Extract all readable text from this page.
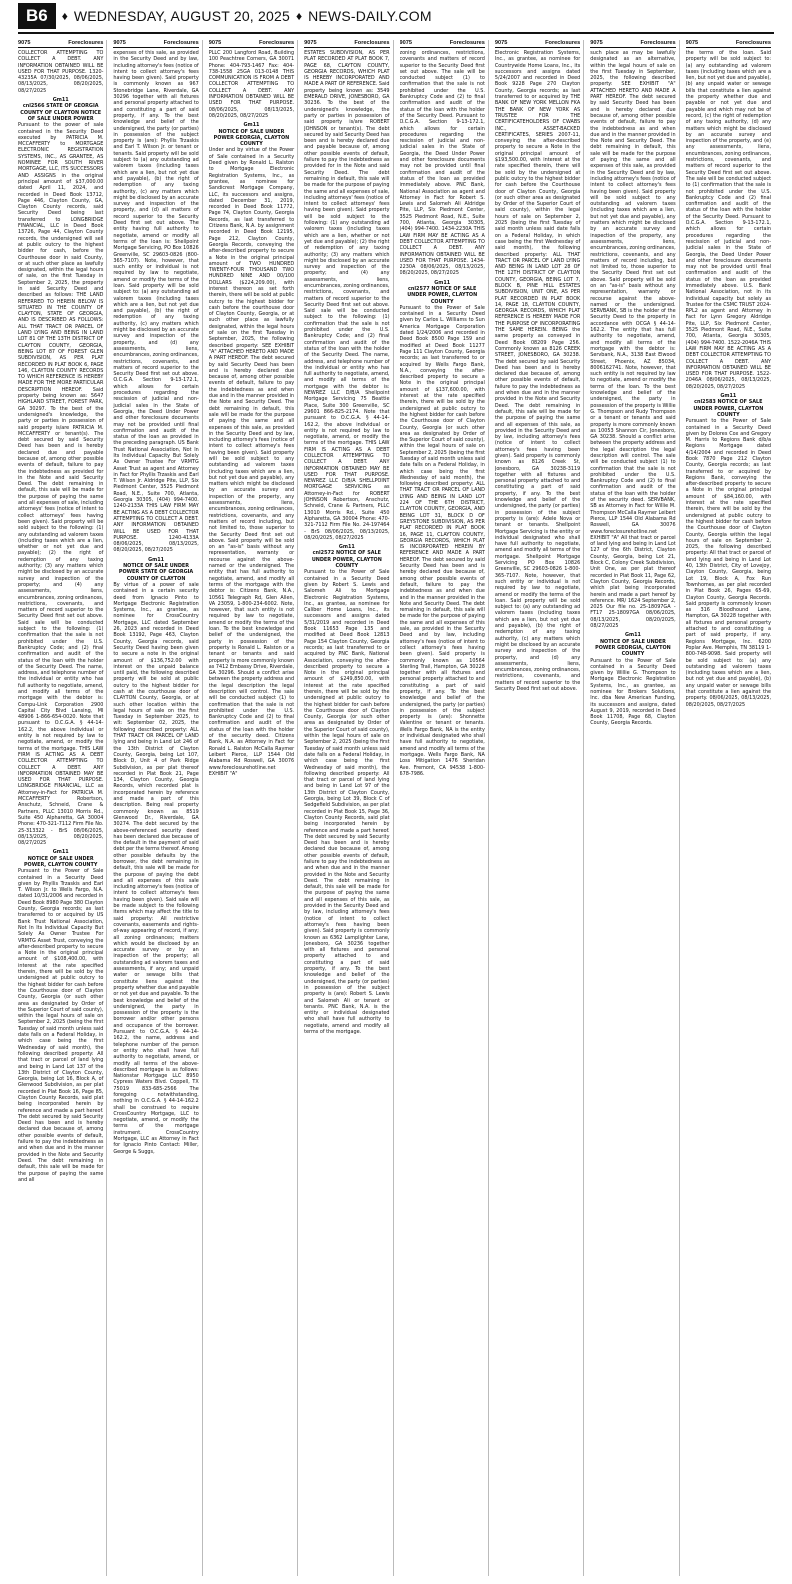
B6	♦ WEDNESDAY, AUGUST 20, 2025 ♦ NEWS-DAILY.COM
9075	Foreclosures
COLLECTOR ATTEMPTING TO COLLECT A DEBT. ANY INFORMATION OBTAINED WILL BE USED FOR THAT PURPOSE. 1320-43235A 07/30/2025, 08/06/2025, 08/13/2025, 08/20/2025, 08/27/2025
Gm11
cnl2566 STATE OF GEORGIA COUNTY OF CLAYTON NOTICE OF SALE UNDER POWER
Pursuant to the power of sale contained in the Security Deed executed by PATRICIA M. MCCAFFERTY to MORTGAGE ELECTRONIC REGISTRATION SYSTEMS, INC., AS GRANTEE, AS NOMINEE FOR SOUTH RIVER MORTGAGE, LLC, ITS SUCCESSORS AND ASSIGNS in the original principal amount of $37,000.00 dated April 11, 2024, and recorded in Deed Book 13712, Page 446, Clayton County, GA, Clayton County records, said Security Deed being last transferred to LONGBRIDGE FINANCIAL, LLC in Deed Book 13726, Page 44, Clayton County records, the undersigned will sell at public outcry to the highest bidder for cash, before the Courthouse door in said County, or at such other place as lawfully designated, within the legal hours of sale, on the first Tuesday in September 2, 2025, the property in said Security Deed and described as follows: THE LAND REFERRED TO HEREIN BELOW IS SITUATED IN THE COUNTY OF CLAYTON, STATE OF GEORGIA, AND IS DESCRIBED AS FOLLOWS: ALL THAT TRACT OR PARCEL OF LAND LYING AND BEING IN LAND LOT 81 OF THE 13TH DISTRICT OF CLAYTON COUNTY, GEORGIA, BEING LOT 87 OF FOREST GLEN SUBDIVISION, AS PER PLAT RECORDED IN PLAT BOOK 6, PAGE 146, CLAYTON COUNTY RECORDS TO WHICH REFERENCE IS HEREBY MADE FOR THE MORE PARTICULAR DESCRIPTION HEREOF. Said property being known as: 5647 HIGHLAND STREET, FOREST PARK, GA 30297. To the best of the undersigned's knowledge, the party or parties in possession of said property is/are PATRICIA M. MCCAFFERTY or tenant(s). The debt secured by said Security Deed has been and is hereby declared due and payable because of, among other possible events of default, failure to pay the indebtedness as provided for in the Note and said Security Deed. The debt remaining in default, this sale will be made for the purpose of paying the same and all expenses of sale, including attorneys' fees (notice of intent to collect attorneys' fees having been given). Said property will be sold subject to the following: (1) any outstanding ad valorem taxes (including taxes which are a lien, whether or not yet due and payable); (2) the right of redemption of any taxing authority; (3) any matters which might be disclosed by an accurate survey and inspection of the property; and (4) any assessments, liens, encumbrances, zoning ordinances, restrictions, covenants, and matters of record superior to the Security Deed first set out above. Said sale will be conducted subject to the following: (1) confirmation that the sale is not prohibited under the U.S. Bankruptcy Code; and (2) final confirmation and audit of the status of the loan with the holder of the Security Deed. The name, address, and telephone number of the individual or entity who has full authority to negotiate, amend, and modify all terms of the mortgage with the debtor is: Compu-Link Corporation 2900 Capital City Blvd Lansing, MI 48906 1-866-654-0020. Note that pursuant to O.C.G.A. § 44-14-162.2, the above individual or entity is not required by law to negotiate, amend, or modify the terms of the mortgage. THIS LAW FIRM IS ACTING AS A DEBT COLLECTOR ATTEMPTING TO COLLECT A DEBT. ANY INFORMATION OBTAINED MAY BE USED FOR THAT PURPOSE. LONGBRIDGE FINANCIAL, LLC as Attorney-in-Fact for PATRICIA M. MCCAFFERTY Robertson, Anschutz, Schneid, Crane & Partners, PLLC 13010 Morris Rd., Suite 450 Alpharetta, GA 30004 Phone: 470-321-7112 Firm File No. 25-313322 - BrS 08/06/2025, 08/13/2025, 08/20/2025, 08/27/2025
Gm11
NOTICE OF SALE UNDER POWER, CLAYTON COUNTY
Pursuant to the Power of Sale contained in a Security Deed given by Phyllis Trzaskis and Earl T. Wilson Jr. to Wells Fargo, N.A. dated 10/31/2006 and recorded in Deed Book 8980 Page 380 Clayton County, Georgia records; as last transferred to or acquired by US Bank Trust National Association, Not In Its Individual Capacity But Solely As Owner Trustee For VRMTG Asset Trust, conveying the after-described property to secure a Note in the original principal amount of $108,400.00, with interest at the rate specified therein, there will be sold by the undersigned at public outcry to the highest bidder for cash before the Courthouse door of Clayton County, Georgia (or such other area as designated by Order of the Superior Court of said county), within the legal hours of sale on September 2, 2025 (being the first Tuesday of said month unless said date falls on a Federal Holiday, in which case being the first Wednesday of said month), the following described property: All that tract or parcel of land lying and being in Land Lot 137 of the 13th District of Clayton County, Georgia, being Lot 16, Block A, of Glenwood Subdivision, as per plat recorded in Plat Book 16, Page 85, Clayton County Records, said plat being incorporated herein by reference and made a part hereof. The debt secured by said Security Deed has been and is hereby declared due because of, among other possible events of default, failure to pay the indebtedness as and when due and in the manner provided in the Note and Security Deed. The debt remaining in default, this sale will be made for the purpose of paying the same and all
9075	Foreclosures
expenses of this sale, as provided in the Security Deed and by law, including attorney's fees (notice of intent to collect attorney's fees having been given). Said property is commonly known as 967 Stonebridge Lane, Riverdale, GA 30296 together with all fixtures and personal property attached to and constituting a part of said property, if any. To the best knowledge and belief of the undersigned, the party (or parties) in possession of the subject property is (are): Phyllis Trzaskis and Earl T. Wilson Jr. or tenant or tenants. Said property will be sold subject to (a) any outstanding ad valorem taxes (including taxes which are a lien, but not yet due and payable), (b) the right of redemption of any taxing authority, (c) any matters which might be disclosed by an accurate survey and inspection of the property, and (d) all matters of record superior to the Security Deed first set out above. The entity having full authority to negotiate, amend or modify all terms of the loan is: Shellpoint Mortgage Servicing, PO Box 10826 Greenville, SC 29603-0826 (800-365-7107). Note, however, that such entity or individual is not required by law to negotiate, amend or modify the terms of the loan. Said property will be sold subject to: (a) any outstanding ad valorem taxes (including taxes which are a lien, but not yet due and payable), (b) the right of redemption of any taxing authority, (c) any matters which might be disclosed by an accurate survey and inspection of the property, and (d) any assessments, liens, encumbrances, zoning ordinances, restrictions, covenants, and matters of record superior to the Security Deed first set out above. O.C.G.A. Section 9-13-172.1, which allows for certain procedures regarding the rescission of judicial and non-judicial sales in the State of Georgia, the Deed Under Power and other foreclosure documents may not be provided until final confirmation and audit of the status of the loan as provided in the preceding paragraph. US Bank Trust National Association, Not In Its Individual Capacity But Solely As Owner Trustee For VRMTG Asset Trust as agent and Attorney in Fact for Phyllis Trzaskis and Earl T. Wilson Jr. Aldridge Pite, LLP, Six Piedmont Center, 3525 Piedmont Road, N.E., Suite 700, Atlanta, Georgia 30305, (404) 994-7400. 1240-2133A THIS LAW FIRM MAY BE ACTING AS A DEBT COLLECTOR ATTEMPTING TO COLLECT A DEBT. ANY INFORMATION OBTAINED WILL BE USED FOR THAT PURPOSE. 1240-4133A 08/06/2025, 08/13/2025, 08/20/2025, 08/27/2025
Gm11
NOTICE OF SALE UNDER POWER STATE OF GEORGIA COUNTY OF CLAYTON
By virtue of a power of sale contained in a certain security deed from Ignacio Pinto to Mortgage Electronic Registration Systems, Inc., as grantee, as nominee for CrossCountry Mortgage, LLC dated September 26, 2023 and recorded in Deed Book 13192, Page 463, Clayton County, Georgia records, said Security Deed having been given to secure a note in the original amount of $136,752.00 with interest on the unpaid balance until paid, the following described property will be sold at public outcry to the highest bidder for cash at the courthouse door of CLAYTON County, Georgia, or at such other location within the legal hours of sale on the first Tuesday in September 2025, to wit: September 02, 2025, the following described property: ALL THAT TRACT OR PARCEL OF LAND lying and being in Land Lot 246 of the 13th District of Clayton County, Georgia, being Lot 107, Block D, Unit 4 of Park Ridge Subdivision, as per plat thereof recorded in Plat Book 21, Page 134, Clayton County, Georgia Records, which recorded plat is incorporated herein by reference and made a part of this description. Being real property commonly known as 8519 Glenwood Dr., Riverdale, GA 30274. The debt secured by the above-referenced security deed has been declared due because of the default in the payment of said debt per the terms thereof. Among other possible defaults by the borrower, the debt remaining in default, this sale will be made for the purpose of paying the debt and all expenses of this sale including attorney's fees (notice of intent to collect attorney's fees having been given). Said sale will be made subject to the following items which may affect the title to said property: All restrictive covenants, easements and rights-of-way appearing of record, if any; all zoning ordinances; matters which would be disclosed by an accurate survey or by an inspection of the property; all outstanding ad valorem taxes and assessments, if any; and unpaid water or sewage bills that constitute liens against the property whether due and payable or not yet due and payable. To the best knowledge and belief of the undersigned, the party in possession of the property is the borrower and/or other persons and occupance of the borrower. Pursuant to O.C.G.A. § 44-14-162.2, the name, address and telephone number of the person or entity who shall have full authority to negotiate, amend, or modify all terms of the above-described mortgage is as follows: Nationstar Mortgage LLC 8950 Cypress Waters Blvd. Coppell, TX 75019 833-685-2566 The foregoing notwithstanding, nothing in O.C.G.A. § 44-14-162.2 shall be construed to require CrossCountry Mortgage, LLC to negotiate, amend, or modify the terms of the mortgage instrument. CrossCountry Mortgage, LLC as Attorney in Fact for Ignacio Pinto Contact: Miller, George & Suggs,
9075	Foreclosures
PLLC 200 Langford Road, Building 100 Peachtree Corners, GA 30071 Phone: 404-793-1467 Fax: 404-738-1558 25GA 013-0148 THIS COMMUNICATION IS FROM A DEBT COLLECTOR ATTEMPTING TO COLLECT A DEBT. ANY INFORMATION OBTAINED WILL BE USED FOR THAT PURPOSE. 08/06/2025, 08/13/2025, 08/20/2025, 08/27/2025
Gm11
NOTICE OF SALE UNDER POWER GEORGIA, CLAYTON COUNTY
Under and by virtue of the Power of Sale contained in a Security Deed given by Ronald L. Ralston to Mortgage Electronic Registration Systems, Inc., as grantee, as nominee for Sandicrest Mortgage Company, LLC, its successors and assigns, dated December 31, 2019, recorded in Deed Book 11772, Page 74, Clayton County, Georgia Records, as last transferred to Citizens Bank, N.A. by assignment recorded in Deed Book 12195, Page 212, Clayton County, Georgia Records, conveying the after-described property to secure a Note in the original principal amount of TWO HUNDRED TWENTY-FOUR THOUSAND TWO HUNDRED NINE AND 00/100 DOLLARS ($224,209.00), with interest thereon as set forth therein, there will be sold at public outcry to the highest bidder for cash before the courthouse door of Clayton County, Georgia, or at such other place as lawfully designated, within the legal hours of sale on the first Tuesday in September, 2025, the following described property: SEE EXHIBIT "A" ATTACHED HERETO AND MADE A PART HEREOF. The debt secured by said Security Deed has been and is hereby declared due because of, among other possible events of default, failure to pay the indebtedness as and when due and in the manner provided in the Note and Security Deed. The debt remaining in default, this sale will be made for the purpose of paying the same and all expenses of this sale, as provided in the Security Deed and by law, including attorney's fees (notice of intent to collect attorney's fees having been given). Said property will be sold subject to any outstanding ad valorem taxes (including taxes which are a lien, but not yet due and payable), any matters which might be disclosed by an accurate survey and inspection of the property, any assessments, liens, encumbrances, zoning ordinances, restrictions, covenants, and any matters of record including, but not limited to, those superior to the Security Deed first set out above. Said property will be sold on an "as-is" basis without any representation, warranty or recourse against the above-named or the undersigned. The entity that has full authority to negotiate, amend, and modify all terms of the mortgage with the debtor is: Citizens Bank, N.A., 10561 Telegraph Rd, Glen Allen, VA 23059, 1-800-234-6002. Note, however, that such entity is not required by law to negotiate, amend or modify the terms of the loan. To the best knowledge and belief of the undersigned, the party in possession of the property is Ronald L. Ralston or a tenant or tenants and said property is more commonly known as 7412 Embassy Drive, Riverdale, GA 30296. Should a conflict arise between the property address and the legal description the legal description will control. The sale will be conducted subject (1) to confirmation that the sale is not prohibited under the U.S. Bankruptcy Code and (2) to final confirmation and audit of the status of the loan with the holder of the security deed. Citizens Bank, N.A. as Attorney in Fact for Ronald L. Ralston McCalla Raymer Leibert Pierce, LLP 1544 Old Alabama Rd Roswell, GA 30076 www.foreclosurehotline.net EXHIBIT "A"
9075	Foreclosures
ESTATES SUBDIVISION, AS PER PLAT RECORDED AT PLAT BOOK 7, PAGE 68, CLAYTON COUNTY, GEORGIA RECORDS, WHICH PLAT IS HEREBY INCORPORATED AND MADE A PART OF REFERENCE. Said property being known as: 3549 EMERALD DRIVE, JONESBORO, GA 30236. To the best of the undersigned's knowledge, the party or parties in possession of said property is/are ROBERT JOHNSON or tenant(s). The debt secured by said Security Deed has been and is hereby declared due and payable because of, among other possible events of default, failure to pay the indebtedness as provided for in the Note and said Security Deed. The debt remaining in default, this sale will be made for the purpose of paying the same and all expenses of sale, including attorneys' fees (notice of intent to collect attorneys' fees having been given). Said property will be sold subject to the following: (1) any outstanding ad valorem taxes (including taxes which are a lien, whether or not yet due and payable); (2) the right of redemption of any taxing authority; (3) any matters which might be disclosed by an accurate survey and inspection of the property; and (4) any assessments, liens, encumbrances, zoning ordinances, restrictions, covenants, and matters of record superior to the Security Deed first set out above. Said sale will be conducted subject to the following: (1) confirmation that the sale is not prohibited under the U.S. Bankruptcy Code; and (2) final confirmation and audit of the status of the loan with the holder of the Security Deed. The name, address, and telephone number of the individual or entity who has full authority to negotiate, amend, and modify all terms of the mortgage with the debtor is: NEWREZ LLC D/B/A Shellpoint Mortgage Servicing 75 Beattie Place, Suite 300 Greenville, SC 29601 866-825-2174. Note that pursuant to O.C.G.A. § 44-14-162.2, the above individual or entity is not required by law to negotiate, amend, or modify the terms of the mortgage. THIS LAW FIRM IS ACTING AS A DEBT COLLECTOR ATTEMPTING TO COLLECT A DEBT. ANY INFORMATION OBTAINED MAY BE USED FOR THAT PURPOSE. NEWREZ LLC D/B/A SHELLPOINT MORTGAGE SERVICING as Attorney-in-Fact for ROBERT JOHNSON Robertson, Anschutz, Schneid, Crane & Partners, PLLC 13010 Morris Rd., Suite 450 Alpharetta, GA 30004 Phone: 470-321-7112 Firm File No. 24-197464 - BrS 08/06/2025, 08/13/2025, 08/20/2025, 08/27/2025
Gm11
cnl2572 NOTICE OF SALE UNDER POWER, CLAYTON COUNTY
Pursuant to the Power of Sale contained in a Security Deed given by Robert S. Lewis and Salomeh Ali to Mortgage Electronic Registration Systems, Inc., as grantee, as nominee for Caliber Home Loans, Inc., its successors and assigns dated 5/31/2019 and recorded in Deed Book 11653 Page 135 and modified at Deed Book 12813 Page 154 Clayton County, Georgia records; as last transferred to or acquired by PNC Bank, National Association, conveying the after-described property to secure a Note in the original principal amount of $249,850.00, with interest at the rate specified therein, there will be sold by the undersigned at public outcry to the highest bidder for cash before the Courthouse door of Clayton County, Georgia (or such other area as designated by Order of the Superior Court of said county), within the legal hours of sale on September 2, 2025 (being the first Tuesday of said month unless said date falls on a Federal Holiday, in which case being the first Wednesday of said month), the following described property: All that tract or parcel of land lying and being in Land Lot 97 of the 13th District of Clayton County, Georgia, being Lot 39, Block C of Sedgefield Subdivision, as per plat recorded in Plat Book 15, Page 36, Clayton County Records, said plat being incorporated herein by reference and made a part hereof. The debt secured by said Security Deed has been and is hereby declared due because of, among other possible events of default, failure to pay the indebtedness as and when due and in the manner provided in the Note and Security Deed. The debt remaining in default, this sale will be made for the purpose of paying the same and all expenses of this sale, as provided in the Security Deed and by law, including attorney's fees (notice of intent to collect attorney's fees having been given). Said property is commonly known as 6362 Lamplighter Lane, Jonesboro, GA 30236 together with all fixtures and personal property attached to and constituting a part of said property, if any. To the best knowledge and belief of the undersigned, the party (or parties) in possession of the subject property is (are): Robert S. Lewis and Salomeh Ali or tenant or tenants. PNC Bank, N.A. is the entity or individual designated who shall have full authority to negotiate, amend and modify all terms of the mortgage.
9075	Foreclosures
zoning ordinances, restrictions, covenants and matters of record superior to the Security Deed first set out above. The sale will be conducted subject (1) to confirmation that the sale is not prohibited under the U.S. Bankruptcy Code and (2) to final confirmation and audit of the status of the loan with the holder of the Security Deed. Pursuant to O.C.G.A. Section 9-13-172.1, which allows for certain procedures regarding the rescission of judicial and non-judicial sales in the State of Georgia, the Deed Under Power and other foreclosure documents may not be provided until final confirmation and audit of the status of the loan as provided immediately above. PNC Bank, National Association as agent and Attorney in Fact for Robert S. Lewis and Salomeh Ali Aldridge Pite, LLP, Six Piedmont Center, 3525 Piedmont Road, N.E., Suite 700, Atlanta, Georgia 30305, (404) 994-7400. 1434-2230A THIS LAW FIRM MAY BE ACTING AS A DEBT COLLECTOR ATTEMPTING TO COLLECT A DEBT. ANY INFORMATION OBTAINED WILL BE USED FOR THAT PURPOSE. 1434-2230A 08/06/2025, 08/13/2025, 08/20/2025, 08/27/2025
Gm11
cnl2577 NOTICE OF SALE UNDER POWER, CLAYTON COUNTY
Pursuant to the Power of Sale contained in a Security Deed given by Carlos L. Williams to Sun America Mortgage Corporation dated 1/24/2006 and recorded in Deed Book 8500 Page 159 and modified at Deed Book 11277 Page 111 Clayton County, Georgia records; as last transferred to or acquired by Wells Fargo Bank, N.A., conveying the after-described property to secure a Note in the original principal amount of $137,600.00, with interest at the rate specified therein, there will be sold by the undersigned at public outcry to the highest bidder for cash before the Courthouse door of Clayton County, Georgia (or such other area as designated by Order of the Superior Court of said county), within the legal hours of sale on September 2, 2025 (being the first Tuesday of said month unless said date falls on a Federal Holiday, in which case being the first Wednesday of said month), the following described property: ALL THAT TRACT OR PARCEL OF LAND LYING AND BEING IN LAND LOT 224 OF THE 6TH DISTRICT, CLAYTON COUNTY, GEORGIA, AND BEING LOT 31, BLOCK D OF GREYSTONE SUBDIVISION, AS PER PLAT RECORDED IN PLAT BOOK 16, PAGE 11, CLAYTON COUNTY, GEORGIA RECORDS, WHICH PLAT IS INCORPORATED HEREIN BY REFERENCE AND MADE A PART HEREOF. The debt secured by said Security Deed has been and is hereby declared due because of, among other possible events of default, failure to pay the indebtedness as and when due and in the manner provided in the Note and Security Deed. The debt remaining in default, this sale will be made for the purpose of paying the same and all expenses of this sale, as provided in the Security Deed and by law, including attorney's fees (notice of intent to collect attorney's fees having been given). Said property is commonly known as 10564 Sterling Trail, Hampton, GA 30228 together with all fixtures and personal property attached to and constituting a part of said property, if any. To the best knowledge and belief of the undersigned, the party (or parties) in possession of the subject property is (are): Shonnette Valentine or tenant or tenants. Wells Fargo Bank, NA is the entity or individual designated who shall have full authority to negotiate, amend and modify all terms of the mortgage. Wells Fargo Bank, NA Loss Mitigation 1476 Sheridan Ave. Fremont, CA 94538 1-800-678-7986.
9075	Foreclosures
Electronic Registration Systems, Inc., as grantee, as nominee for Countrywide Home Loans, Inc., its successors and assigns dated 5/24/2007 and recorded in Deed Book 9228 Page 270 Clayton County, Georgia records; as last transferred to or acquired by THE BANK OF NEW YORK MELLON FKA THE BANK OF NEW YORK AS TRUSTEE FOR THE CERTIFICATEHOLDERS OF CWABS INC., ASSET-BACKED CERTIFICATES, SERIES 2007-11, conveying the after-described property to secure a Note in the original principal amount of $193,500.00, with interest at the rate specified therein, there will be sold by the undersigned at public outcry to the highest bidder for cash before the Courthouse door of Clayton County, Georgia (or such other area as designated by Order of the Superior Court of said county), within the legal hours of sale on September 2, 2025 (being the first Tuesday of said month unless said date falls on a Federal Holiday, in which case being the first Wednesday of said month), the following described property: ALL THAT TRACT OR PARCEL OF LAND LYING AND BEING IN LAND LOT 28 OF THE 12TH DISTRICT OF CLAYTON COUNTY, GEORGIA, BEING LOT 7, BLOCK B, PINE HILL ESTATES SUBDIVISION, UNIT ONE, AS PER PLAT RECORDED IN PLAT BOOK 14, PAGE 18, CLAYTON COUNTY, GEORGIA RECORDS, WHICH PLAT REFERENCE IS HEREBY MADE FOR THE PURPOSE OF INCORPORATING THE SAME HEREIN. BEING the same property as conveyed in Deed Book 08209 Page 256. Commonly known as 8126 CREEK STREET, JONESBORO, GA 30238. The debt secured by said Security Deed has been and is hereby declared due because of, among other possible events of default, failure to pay the indebtedness as and when due and in the manner provided in the Note and Security Deed. The debt remaining in default, this sale will be made for the purpose of paying the same and all expenses of this sale, as provided in the Security Deed and by law, including attorney's fees (notice of intent to collect attorney's fees having been given). Said property is commonly known as 8126 Creek St, Jonesboro, GA 30238-3119 together with all fixtures and personal property attached to and constituting a part of said property, if any. To the best knowledge and belief of the undersigned, the party (or parties) in possession of the subject property is (are): Adele Nova or tenant or tenants. Shellpoint Mortgage Servicing is the entity or individual designated who shall have full authority to negotiate, amend and modify all terms of the mortgage. Shellpoint Mortgage Servicing PO Box 10826 Greenville, SC 29603-0826 1-800-365-7107. Note, however, that such entity or individual is not required by law to negotiate, amend or modify the terms of the loan. Said property will be sold subject to: (a) any outstanding ad valorem taxes (including taxes which are a lien, but not yet due and payable), (b) the right of redemption of any taxing authority, (c) any matters which might be disclosed by an accurate survey and inspection of the property, and (d) any assessments, liens, encumbrances, zoning ordinances, restrictions, covenants, and matters of record superior to the Security Deed first set out above.
9075	Foreclosures
such place as may be lawfully designated as an alternative, within the legal hours of sale on the first Tuesday in September, 2025, the following described property: SEE EXHIBIT "A" ATTACHED HERETO AND MADE A PART HEREOF. The debt secured by said Security Deed has been and is hereby declared due because of, among other possible events of default, failure to pay the indebtedness as and when due and in the manner provided in the Note and Security Deed. The debt remaining in default, this sale will be made for the purpose of paying the same and all expenses of this sale, as provided in the Security Deed and by law, including attorney's fees (notice of intent to collect attorney's fees having been given). Said property will be sold subject to any outstanding ad valorem taxes (including taxes which are a lien, but not yet due and payable), any matters which might be disclosed by an accurate survey and inspection of the property, any assessments, liens, encumbrances, zoning ordinances, restrictions, covenants, and any matters of record including, but not limited to, those superior to the Security Deed first set out above. Said property will be sold on an "as-is" basis without any representation, warranty or recourse against the above-named or the undersigned. SERVBANK, SB is the holder of the Security Deed to the property in accordance with OCGA § 44-14-162.2. The entity that has full authority to negotiate, amend, and modify all terms of the mortgage with the debtor is: Servbank, N.A., 3138 East Elwood Street, Phoenix, AZ 85034, 8006162741. Note, however, that such entity is not required by law to negotiate, amend or modify the terms of the loan. To the best knowledge and belief of the undersigned, the party in possession of the property is Willie G. Thompson and Rudy Thompson or a tenant or tenants and said property is more commonly known as 10053 Shannon Cir, Jonesboro, GA 30238. Should a conflict arise between the property address and the legal description the legal description will control. The sale will be conducted subject (1) to confirmation that the sale is not prohibited under the U.S. Bankruptcy Code and (2) to final confirmation and audit of the status of the loan with the holder of the security deed. SERVBANK, SB as Attorney in Fact for Willie M. Thompson McCalla Raymer Leibert Pierce, LLP 1544 Old Alabama Rd Roswell, GA 30076 www.foreclosurehotline.net EXHIBIT "A" All that tract or parcel of land lying and being in Land Lot 127 of the 6th District, Clayton County, Georgia, being Lot 21, Block C, Colony Creek Subdivision, Unit One, as per plat thereof recorded in Plat Book 11, Page 62, Clayton County, Georgia Records, which plat being incorporated herein and made a part hereof by reference. MR/ 1624 September 2, 2025 Our file no. 25-18097GA - FT17 25-18097GA 08/06/2025, 08/13/2025, 08/20/2025, 08/27/2025
Gm11
NOTICE OF SALE UNDER POWER GEORGIA, CLAYTON COUNTY
Pursuant to the Power of Sale contained in a Security Deed given by Willie G. Thompson to Mortgage Electronic Registration Systems, Inc., as grantee, as nominee for Brokers Solutions, Inc. dba New American Funding, its successors and assigns, dated August 9, 2019, recorded in Deed Book 11708, Page 68, Clayton County, Georgia Records.
9075	Foreclosures
the terms of the loan. Said property will be sold subject to: (a) any outstanding ad valorem taxes (including taxes which are a lien, but not yet due and payable), (b) any unpaid water or sewage bills that constitute a lien against the property whether due and payable or not yet due and payable and which may not be of record, (c) the right of redemption of any taxing authority, (d) any matters which might be disclosed by an accurate survey and inspection of the property, and (e) any assessments, liens, encumbrances, zoning ordinances, restrictions, covenants, and matters of record superior to the Security Deed first set out above. The sale will be conducted subject to (1) confirmation that the sale is not prohibited under the U.S. Bankruptcy Code and (2) final confirmation and audit of the status of the loan with the holder of the Security Deed. Pursuant to O.C.G.A. Section 9-13-172.1, which allows for certain procedures regarding the rescission of judicial and non-judicial sales in the State of Georgia, the Deed Under Power and other foreclosure documents may not be provided until final confirmation and audit of the status of the loan as provided immediately above. U.S. Bank National Association, not in its individual capacity but solely as Trustee for the CSMC TRUST 2024-RPL2 as agent and Attorney in Fact for Lynn Gregory Aldridge Pite, LLP, Six Piedmont Center, 3525 Piedmont Road, N.E., Suite 700, Atlanta, Georgia 30305, (404) 994-7400. 1522-2046A THIS LAW FIRM MAY BE ACTING AS A DEBT COLLECTOR ATTEMPTING TO COLLECT A DEBT. ANY INFORMATION OBTAINED WILL BE USED FOR THAT PURPOSE. 1522-2046A 08/06/2025, 08/13/2025, 08/20/2025, 08/27/2025
Gm11
cnl2583 NOTICE OF SALE UNDER POWER, CLAYTON COUNTY
Pursuant to the Power of Sale contained in a Security Deed given by Dolores Cox and Gregory M. Harris to Regions Bank d/b/a Regions Mortgage dated 4/14/2004 and recorded in Deed Book 7870 Page 212 Clayton County, Georgia records; as last transferred to or acquired by Regions Bank, conveying the after-described property to secure a Note in the original principal amount of $84,160.00, with interest at the rate specified therein, there will be sold by the undersigned at public outcry to the highest bidder for cash before the Courthouse door of Clayton County, Georgia within the legal hours of sale on September 2, 2025, the following described property: All that tract or parcel of land lying and being in Land Lot 40, 13th District, City of Lovejoy, Clayton County, Georgia, being Lot 19, Block A, Fox Run Townhomes, as per plat recorded in Plat Book 26, Pages 65-69, Clayton County, Georgia Records. Said property is commonly known as 316 Bloodhound Lane, Hampton, GA 30228 together with all fixtures and personal property attached to and constituting a part of said property, if any. Regions Mortgage, Inc. 6200 Poplar Ave. Memphis, TN 38119 1-800-748-9098. Said property will be sold subject to: (a) any outstanding ad valorem taxes (including taxes which are a lien, but not yet due and payable), (b) any unpaid water or sewage bills that constitute a lien against the property. 08/06/2025, 08/13/2025, 08/20/2025, 08/27/2025
